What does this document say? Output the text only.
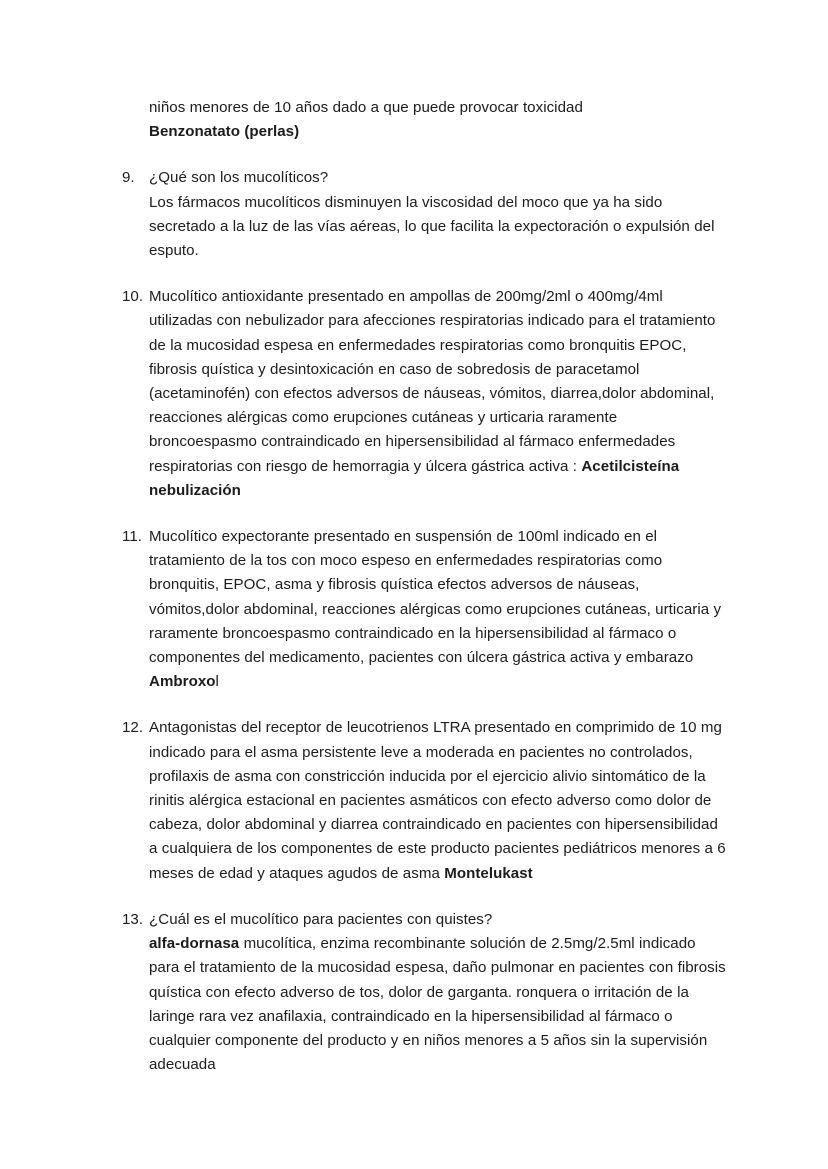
niños menores de 10 años dado a que puede provocar toxicidad
Benzonatato (perlas)
9. ¿Qué son los mucolíticos?
Los fármacos mucolíticos disminuyen la viscosidad del moco que ya ha sido secretado a la luz de las vías aéreas, lo que facilita la expectoración o expulsión del esputo.
10. Mucolítico antioxidante presentado en ampollas de 200mg/2ml o 400mg/4ml utilizadas con nebulizador para afecciones respiratorias indicado para el tratamiento de la mucosidad espesa en enfermedades respiratorias como bronquitis EPOC, fibrosis quística y desintoxicación en caso de sobredosis de paracetamol (acetaminofén) con efectos adversos de náuseas, vómitos, diarrea,dolor abdominal, reacciones alérgicas como erupciones cutáneas y urticaria raramente broncoespasmo contraindicado en hipersensibilidad al fármaco enfermedades respiratorias con riesgo de hemorragia y úlcera gástrica activa : Acetilcisteína nebulización
11. Mucolítico expectorante presentado en suspensión de 100ml indicado en el tratamiento de la tos con moco espeso en enfermedades respiratorias como bronquitis, EPOC, asma y fibrosis quística efectos adversos de náuseas, vómitos,dolor abdominal, reacciones alérgicas como erupciones cutáneas, urticaria y raramente broncoespasmo contraindicado en la hipersensibilidad al fármaco o componentes del medicamento, pacientes con úlcera gástrica activa y embarazo Ambroxol
12. Antagonistas del receptor de leucotrienos LTRA presentado en comprimido de 10 mg indicado para el asma persistente leve a moderada en pacientes no controlados, profilaxis de asma con constricción inducida por el ejercicio alivio sintomático de la rinitis alérgica estacional en pacientes asmáticos con efecto adverso como dolor de cabeza, dolor abdominal y diarrea contraindicado en pacientes con hipersensibilidad a cualquiera de los componentes de este producto pacientes pediátricos menores a 6 meses de edad y ataques agudos de asma Montelukast
13. ¿Cuál es el mucolítico para pacientes con quistes?
alfa-dornasa mucolítica, enzima recombinante solución de 2.5mg/2.5ml indicado para el tratamiento de la mucosidad espesa, daño pulmonar en pacientes con fibrosis quística con efecto adverso de tos, dolor de garganta. ronquera o irritación de la laringe rara vez anafilaxia, contraindicado en la hipersensibilidad al fármaco o cualquier componente del producto y en niños menores a 5 años sin la supervisión adecuada
